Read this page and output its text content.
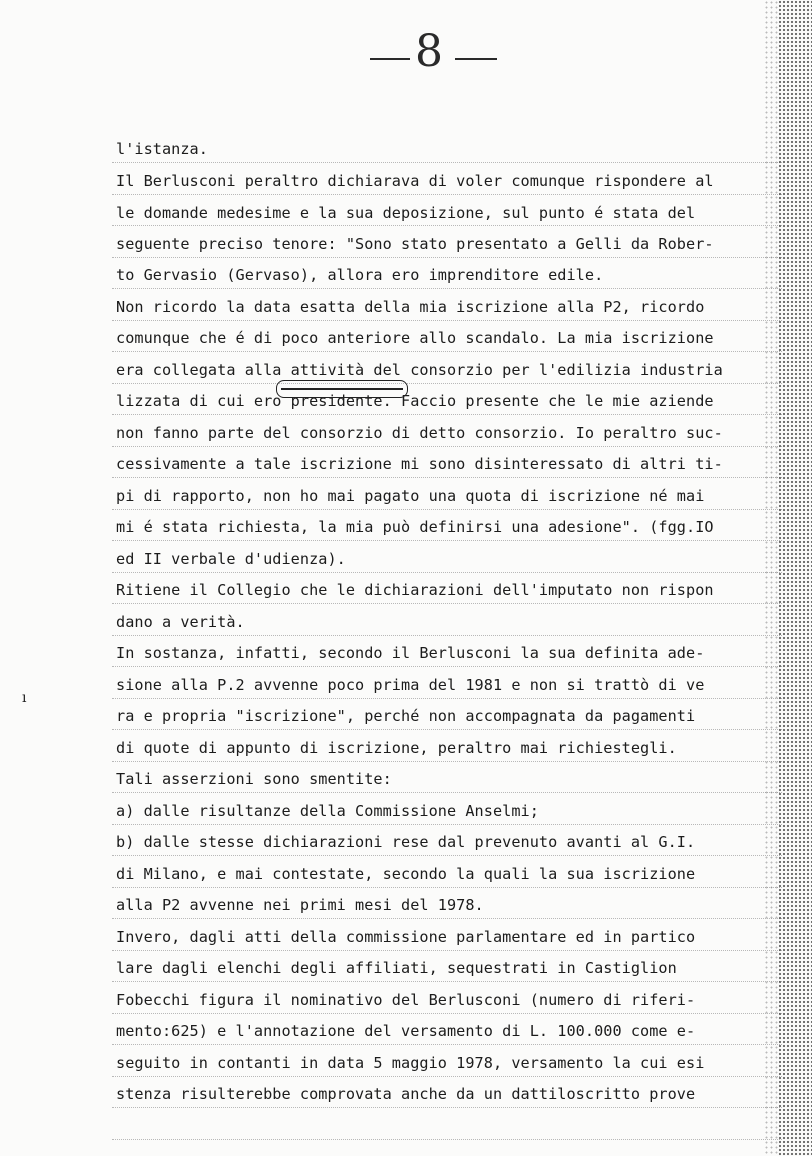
8
l'istanza.
Il Berlusconi peraltro dichiarava di voler comunque rispondere al
le domande medesime e la sua deposizione, sul punto é stata del
seguente preciso tenore: "Sono stato presentato a Gelli da Rober-
to Gervasio (Gervaso), allora ero imprenditore edile.
Non ricordo la data esatta della mia iscrizione alla P2, ricordo
comunque che é di poco anteriore allo scandalo. La mia iscrizione
era collegata alla attività del consorzio per l'edilizia industria
lizzata di cui ero presidente. Faccio presente che le mie aziende
non fanno parte del consorzio di detto consorzio. Io peraltro suc-
cessivamente a tale iscrizione mi sono disinteressato di altri ti-
pi di rapporto, non ho mai pagato una quota di iscrizione né mai
mi é stata richiesta, la mia può definirsi una adesione". (fgg.IO
ed II verbale d'udienza).
Ritiene il Collegio che le dichiarazioni dell'imputato non rispon
dano a verità.
In sostanza, infatti, secondo il Berlusconi la sua definita ade-
sione alla P.2 avvenne poco prima del 1981 e non si trattò di ve
ra e propria "iscrizione", perché non accompagnata da pagamenti
di quote di appunto di iscrizione, peraltro mai richiestegli.
Tali asserzioni sono smentite:
a) dalle risultanze della Commissione Anselmi;
b) dalle stesse dichiarazioni rese dal prevenuto avanti al G.I.
di Milano, e mai contestate, secondo la quali la sua iscrizione
alla P2 avvenne nei primi mesi del 1978.
Invero, dagli atti della commissione parlamentare ed in partico
lare dagli elenchi degli affiliati, sequestrati in Castiglion
Fobecchi figura il nominativo del Berlusconi (numero di riferi-
mento:625) e l'annotazione del versamento di L. 100.000 come e-
seguito in contanti in data 5 maggio 1978, versamento la cui esi
stenza risulterebbe comprovata anche da un dattiloscritto prove
ı
